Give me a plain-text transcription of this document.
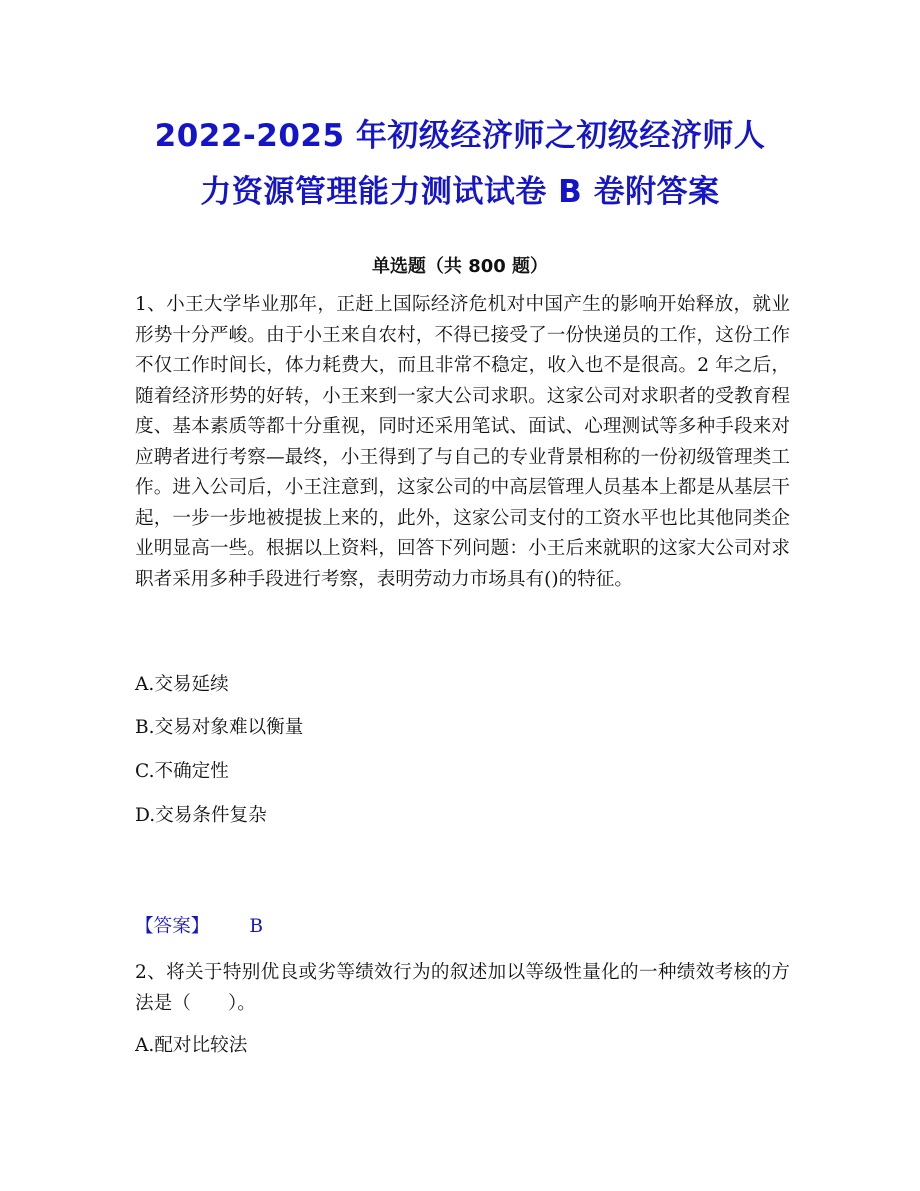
2022-2025 年初级经济师之初级经济师人
力资源管理能力测试试卷 B 卷附答案
单选题（共 800 题）

1、小王大学毕业那年，正赶上国际经济危机对中国产生的影响开始释放，就业形势十分严峻。由于小王来自农村，不得已接受了一份快递员的工作，这份工作不仅工作时间长，体力耗费大，而且非常不稳定，收入也不是很高。2 年之后，随着经济形势的好转，小王来到一家大公司求职。这家公司对求职者的受教育程度、基本素质等都十分重视，同时还采用笔试、面试、心理测试等多种手段来对应聘者进行考察—最终，小王得到了与自己的专业背景相称的一份初级管理类工作。进入公司后，小王注意到，这家公司的中高层管理人员基本上都是从基层干起，一步一步地被提拔上来的，此外，这家公司支付的工资水平也比其他同类企业明显高一些。根据以上资料，回答下列问题：小王后来就职的这家大公司对求职者采用多种手段进行考察，表明劳动力市场具有()的特征。

A.交易延续
B.交易对象难以衡量
C.不确定性
D.交易条件复杂
【答案】 B

2、将关于特别优良或劣等绩效行为的叙述加以等级性量化的一种绩效考核的方法是（　　）。

A.配对比较法
